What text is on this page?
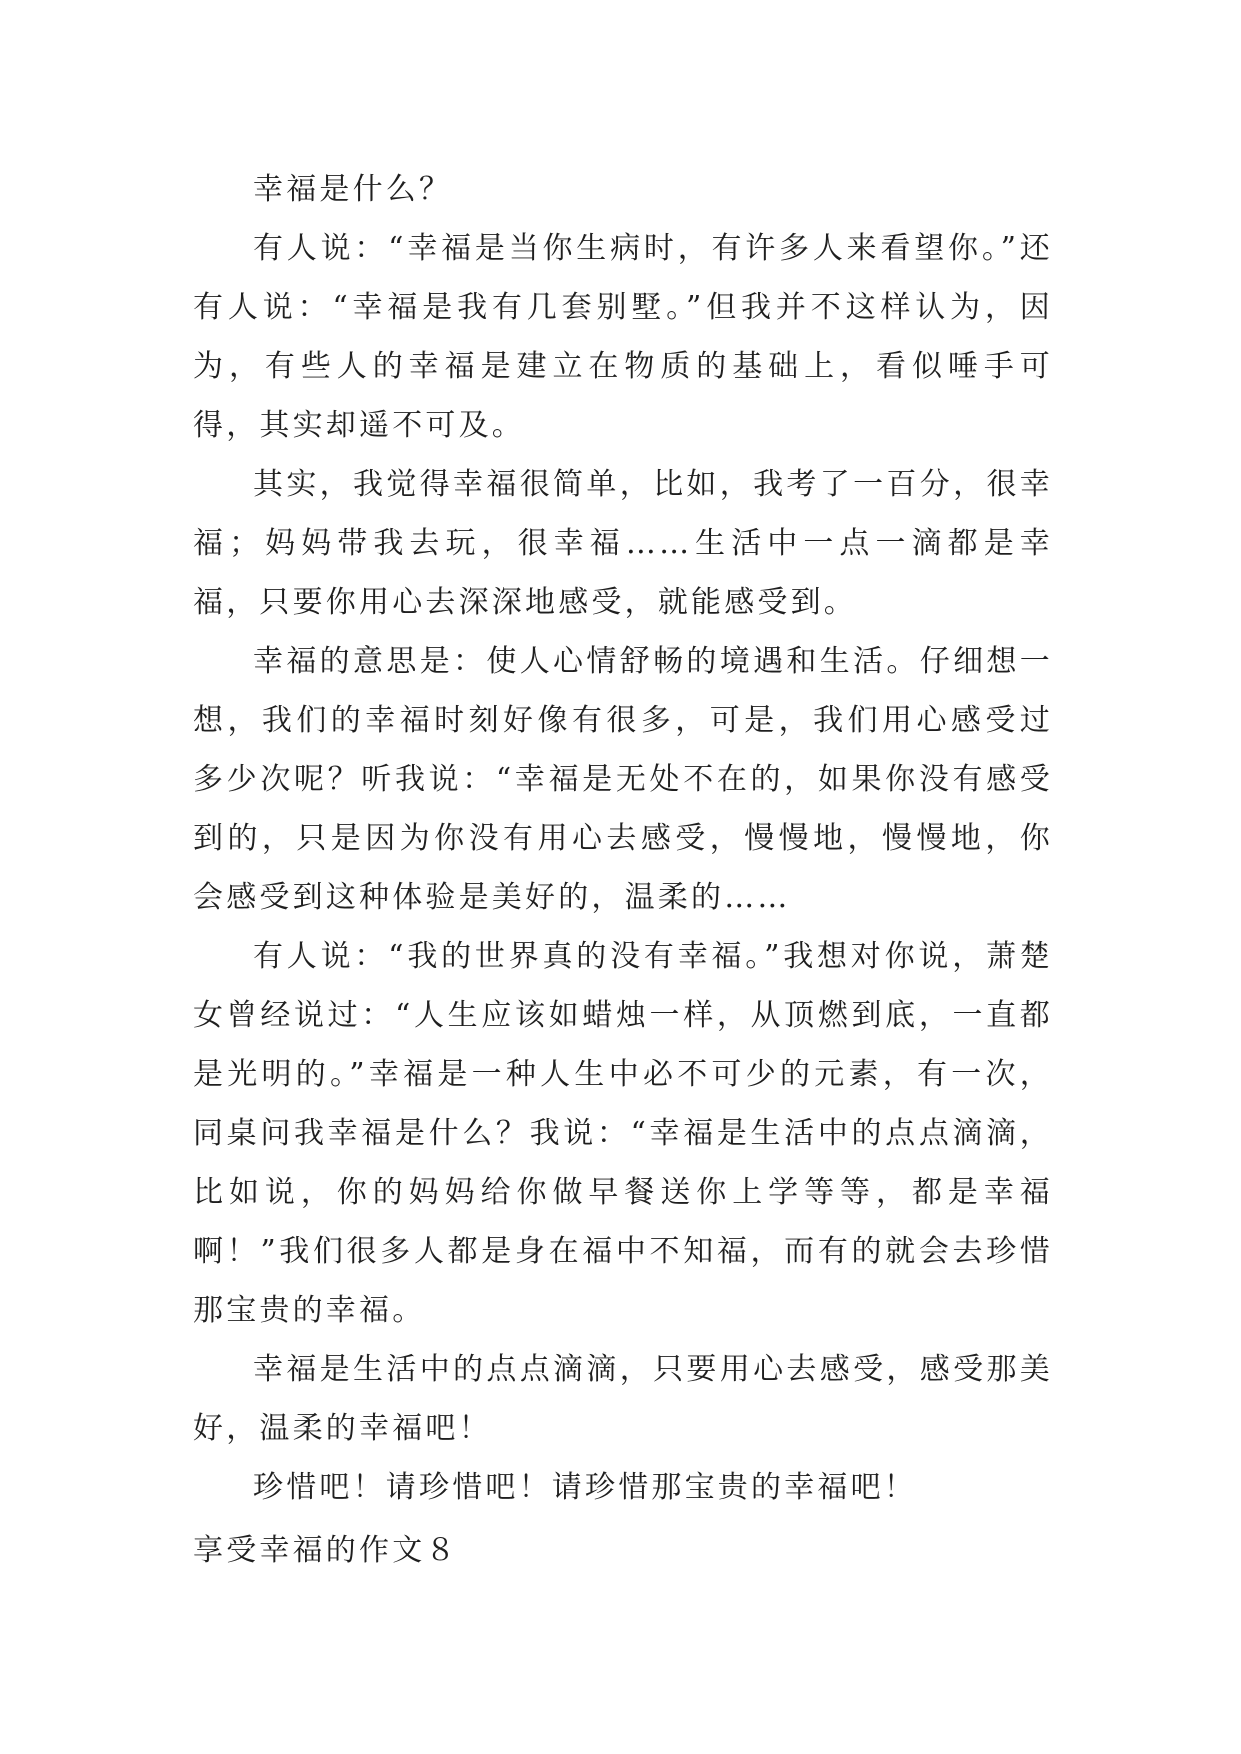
幸福是什么？

有人说：“幸福是当你生病时，有许多人来看望你。”还有人说：“幸福是我有几套别墅。”但我并不这样认为，因为，有些人的幸福是建立在物质的基础上，看似唾手可得，其实却遥不可及。

其实，我觉得幸福很简单，比如，我考了一百分，很幸福；妈妈带我去玩，很幸福……生活中一点一滴都是幸福，只要你用心去深深地感受，就能感受到。

幸福的意思是：使人心情舒畅的境遇和生活。仔细想一想，我们的幸福时刻好像有很多，可是，我们用心感受过多少次呢？听我说：“幸福是无处不在的，如果你没有感受到的，只是因为你没有用心去感受，慢慢地，慢慢地，你会感受到这种体验是美好的，温柔的……

有人说：“我的世界真的没有幸福。”我想对你说，萧楚女曾经说过：“人生应该如蜡烛一样，从顶燃到底，一直都是光明的。”幸福是一种人生中必不可少的元素，有一次，同桌问我幸福是什么？我说：“幸福是生活中的点点滴滴，比如说，你的妈妈给你做早餐送你上学等等，都是幸福啊！”我们很多人都是身在福中不知福，而有的就会去珍惜那宝贵的幸福。

幸福是生活中的点点滴滴，只要用心去感受，感受那美好，温柔的幸福吧！

珍惜吧！请珍惜吧！请珍惜那宝贵的幸福吧！

享受幸福的作文８
